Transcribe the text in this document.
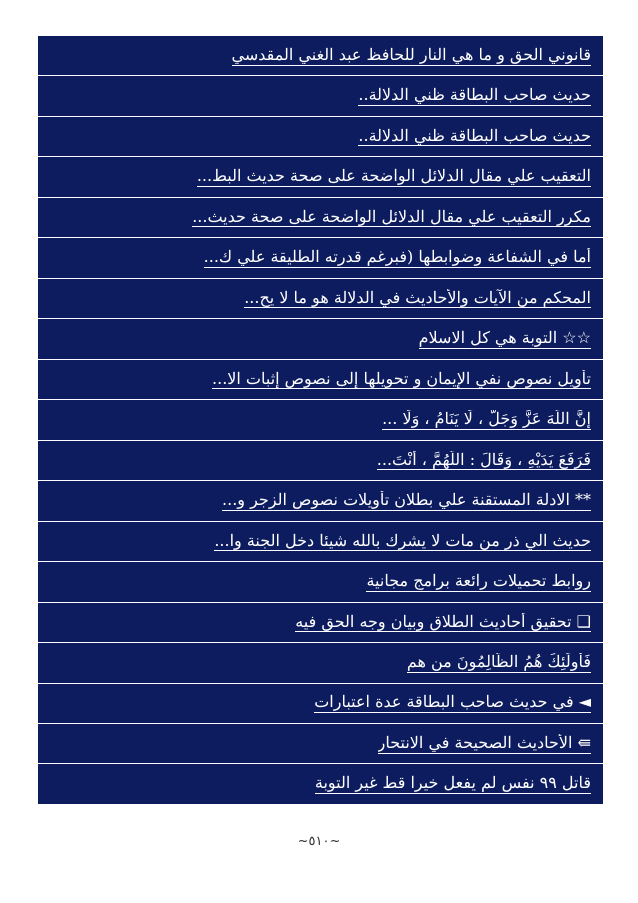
قانوني الحق و ما هي النار للحافظ عبد الغني المقدسي
حديث صاحب البطاقة ظني الدلالة..
حديث صاحب البطاقة ظني الدلالة..
التعقيب علي مقال الدلائل الواضحة على صحة حديث البط...
مكرر التعقيب علي مقال الدلائل الواضحة على صحة حديث...
أما في الشفاعة وضوابطها (فبرغم قدرته الطليقة علي ك...
المحكم من الآيات والأحاديث في الدلالة هو ما لا يح...
☆☆ التوبة هي كل الاسلام
تأويل نصوص نفي الإيمان و تحويلها إلى نصوص إثبات الا...
إِنَّ اللَّهَ عَزَّ وَجَلَّ ، لَا يَنَامُ ، وَلَا ...
فَرَفَعَ يَدَيْهِ ، وَقَالَ : اللَّهُمَّ ، أَنْتَ...
** الادلة المستقنة علي بطلان تأويلات نصوص الزجر و...
حديث الي ذر من مات لا يشرك بالله شيئا دخل الجنة وا...
روابط تحميلات رائعة برامج مجانية
❑ تحقيق أحاديث الطلاق وبيان وجه الحق فيه
فَأُولَئِكَ هُمُ الظَّالِمُونَ من هم
◄ في حديث صاحب البطاقة عدة اعتبارات
⇚ الأحاديث الصحيحة في الانتحار
قاتل ٩٩ نفس لم يفعل خيرا قط غير التوبة
~٥١٠~
